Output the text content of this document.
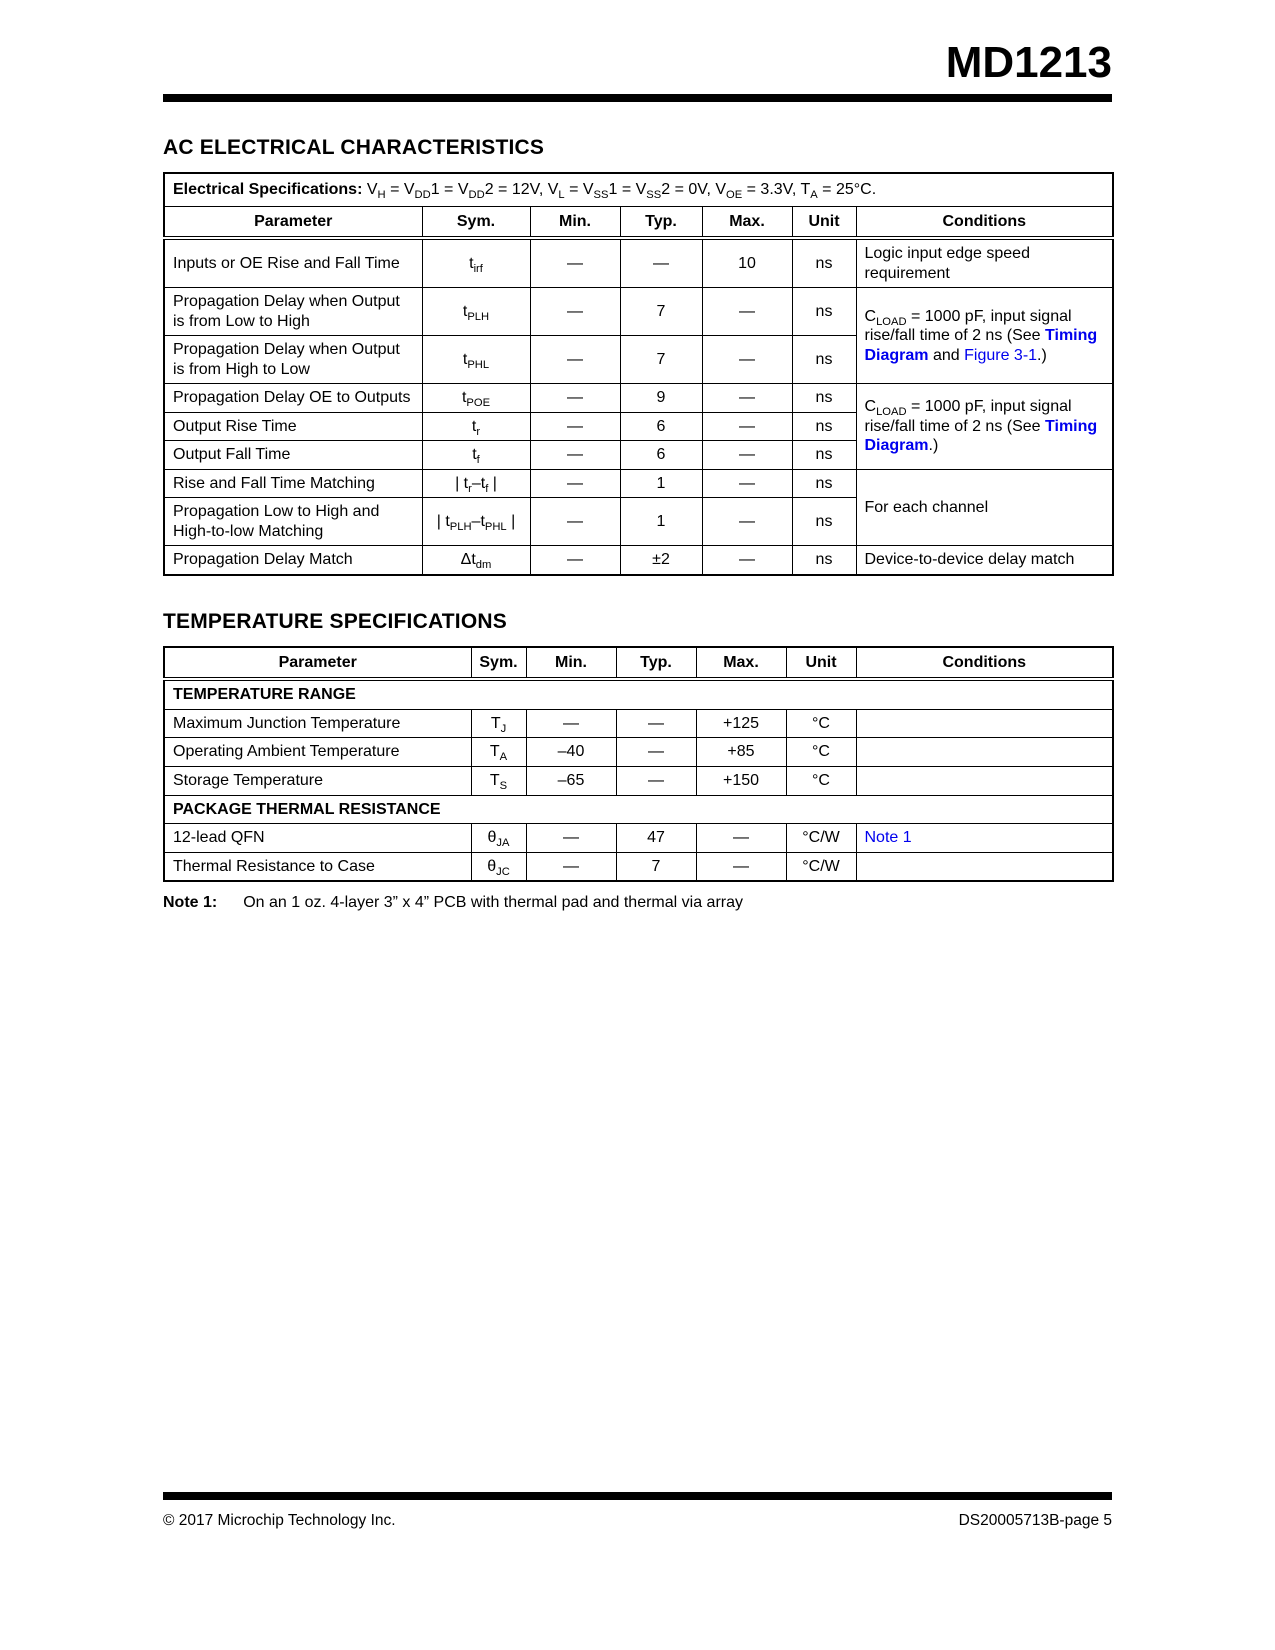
MD1213
AC ELECTRICAL CHARACTERISTICS
Electrical Specifications: $V_H = V_{DD}1 = V_{DD}2 = 12V$, $V_L = V_{SS}1 = V_{SS}2 = 0V$, $V_{OE} = 3.3V$, $T_A = 25^\circ C$.						
Parameter	Sym.	Min.	Typ.	Max.	Unit	Conditions
Inputs or OE Rise and Fall Time	$t_{irf}$	—	—	10	ns	Logic input edge speed requirement
Propagation Delay when Output is from Low to High	$t_{PLH}$	—	7	—	ns	$C_{LOAD} = 1000$ pF, input signal rise/fall time of 2 ns (See Timing Diagram and Figure 3-1.)
Propagation Delay when Output is from High to Low	$t_{PHL}$	—	7	—	ns	
Propagation Delay OE to Outputs	$t_{POE}$	—	9	—	ns	$C_{LOAD} = 1000$ pF, input signal rise/fall time of 2 ns (See Timing Diagram.)
Output Rise Time	$t_r$	—	6	—	ns	
Output Fall Time	$t_f$	—	6	—	ns	
Rise and Fall Time Matching	| $t_r-t_f$ |	—	1	—	ns	For each channel
Propagation Low to High and High-to-low Matching	| $t_{PLH}-t_{PHL}$ |	—	1	—	ns	
Propagation Delay Match	$\Delta t_{dm}$	—	±2	—	ns	Device-to-device delay match
TEMPERATURE SPECIFICATIONS
Parameter	Sym.	Min.	Typ.	Max.	Unit	Conditions
TEMPERATURE RANGE						
Maximum Junction Temperature	$T_J$	—	—	+125	°C	
Operating Ambient Temperature	$T_A$	–40	—	+85	°C	
Storage Temperature	$T_S$	–65	—	+150	°C	
PACKAGE THERMAL RESISTANCE						
12-lead QFN	$\theta_{JA}$	—	47	—	°C/W	Note 1
Thermal Resistance to Case	$\theta_{JC}$	—	7	—	°C/W	
Note 1: On an 1 oz. 4-layer 3” x 4” PCB with thermal pad and thermal via array
© 2017 Microchip Technology Inc.	DS20005713B-page 5
